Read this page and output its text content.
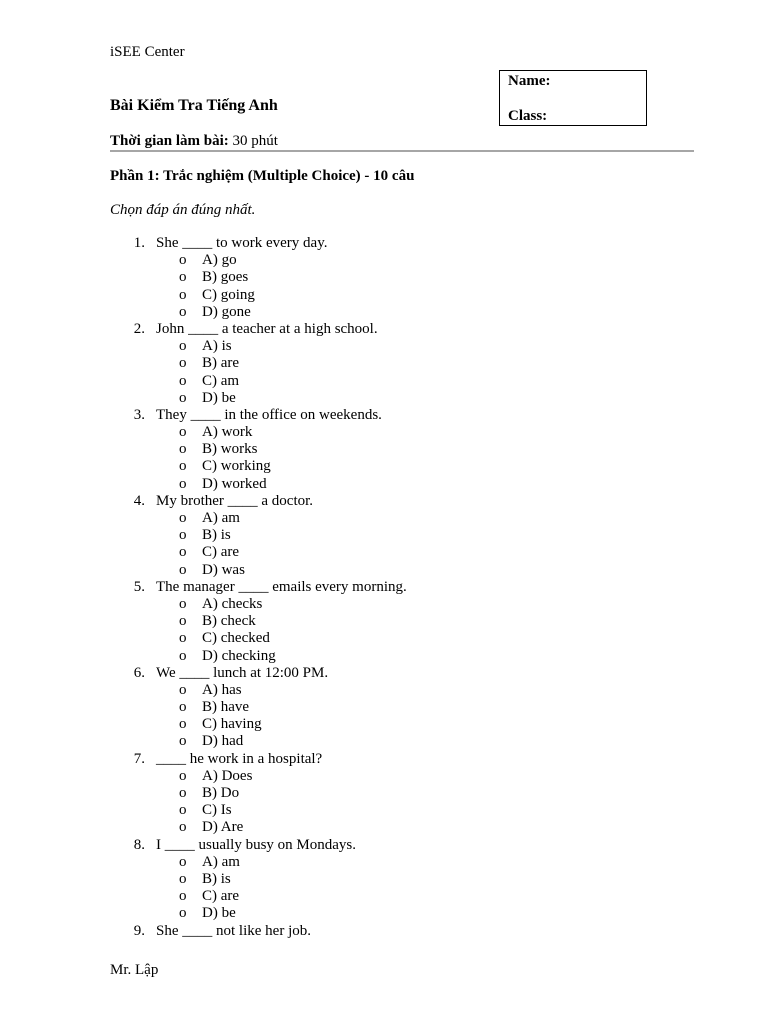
iSEE Center
Name:
Class:
Bài Kiểm Tra Tiếng Anh
Thời gian làm bài: 30 phút
Phần 1: Trắc nghiệm (Multiple Choice) - 10 câu
Chọn đáp án đúng nhất.
1. She ____ to work every day.
o A) go
o B) goes
o C) going
o D) gone
2. John ____ a teacher at a high school.
o A) is
o B) are
o C) am
o D) be
3. They ____ in the office on weekends.
o A) work
o B) works
o C) working
o D) worked
4. My brother ____ a doctor.
o A) am
o B) is
o C) are
o D) was
5. The manager ____ emails every morning.
o A) checks
o B) check
o C) checked
o D) checking
6. We ____ lunch at 12:00 PM.
o A) has
o B) have
o C) having
o D) had
7. ____ he work in a hospital?
o A) Does
o B) Do
o C) Is
o D) Are
8. I ____ usually busy on Mondays.
o A) am
o B) is
o C) are
o D) be
9. She ____ not like her job.
Mr. Lập
